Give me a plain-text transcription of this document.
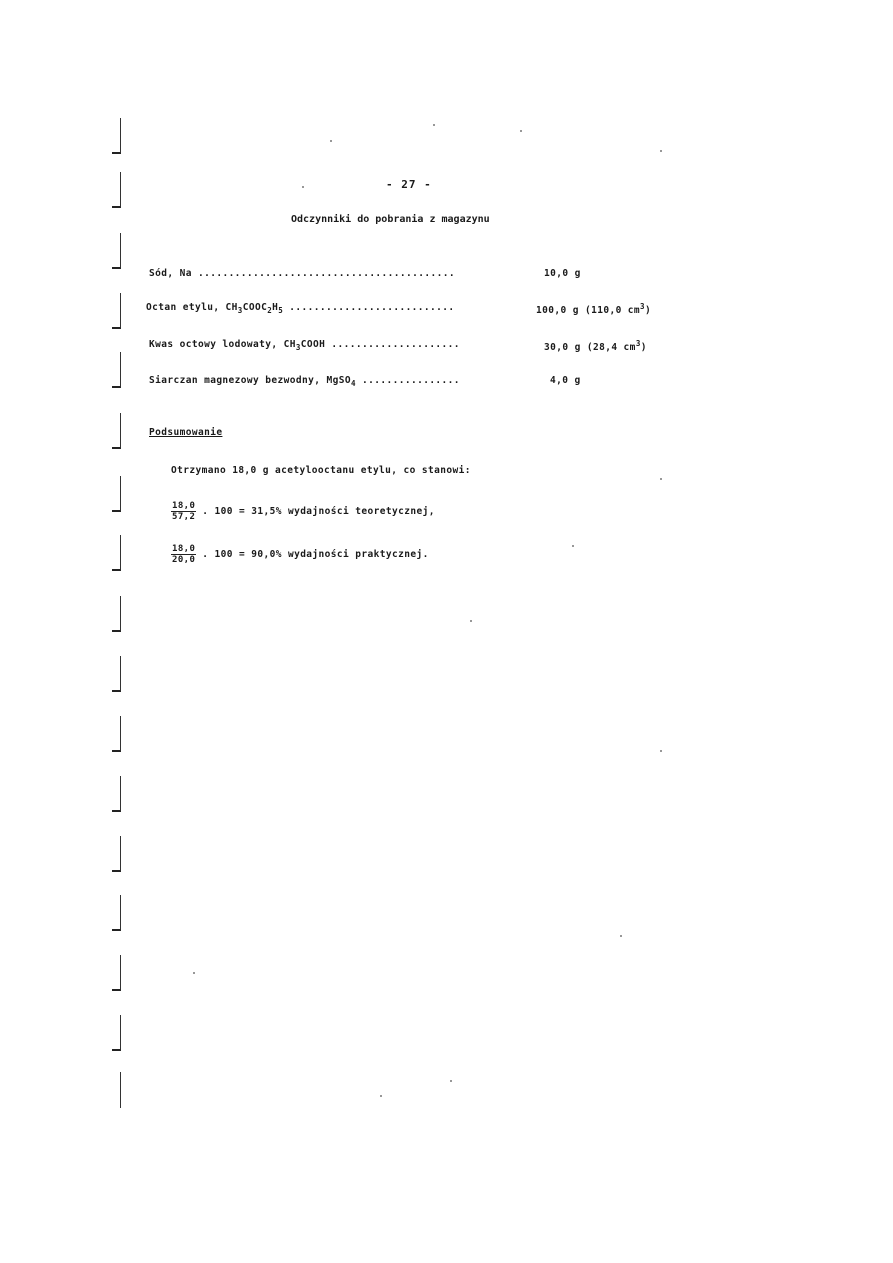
- 27 -
Odczynniki do pobrania z magazynu
Sód, Na ..........................................	10,0 g
Octan etylu, $CH_3COOC_2H_5$ ...........................	100,0 g (110,0 $cm^3$)
Kwas octowy lodowaty, $CH_3COOH$ .....................	30,0 g (28,4 $cm^3$)
Siarczan magnezowy bezwodny, MgSO$_4$ ................	4,0 g
Podsumowanie
Otrzymano 18,0 g acetylooctanu etylu, co stanowi:
$\frac{18,0}{57,2}$ . 100 = 31,5% wydajności teoretycznej,
$\frac{18,0}{20,0}$ . 100 = 90,0% wydajności praktycznej.
